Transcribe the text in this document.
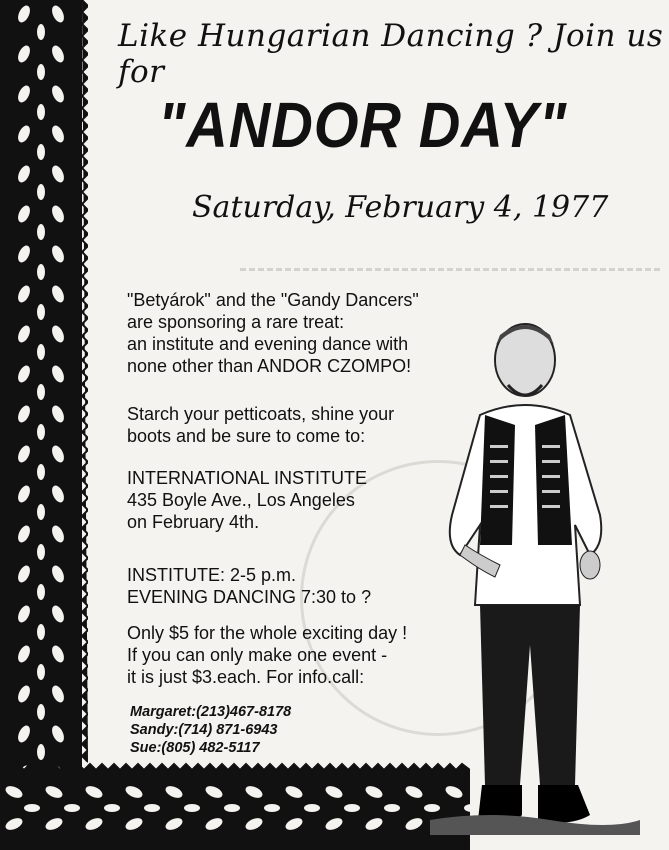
Like Hungarian Dancing ? Join us for
"ANDOR DAY"
Saturday, February 4, 1977
"Betyárok" and the "Gandy Dancers"
are sponsoring a rare treat:
an institute and evening dance with
none other than ANDOR CZOMPO!
Starch your petticoats, shine your
boots and be sure to come to:
INTERNATIONAL INSTITUTE
435 Boyle Ave., Los Angeles
on February 4th.
INSTITUTE: 2-5 p.m.
EVENING DANCING 7:30 to ?
Only $5 for the whole exciting day !
If you can only make one event -
it is just $3.each. For info.call:
Margaret:(213)467-8178
Sandy:(714) 871-6943
Sue:(805) 482-5117
